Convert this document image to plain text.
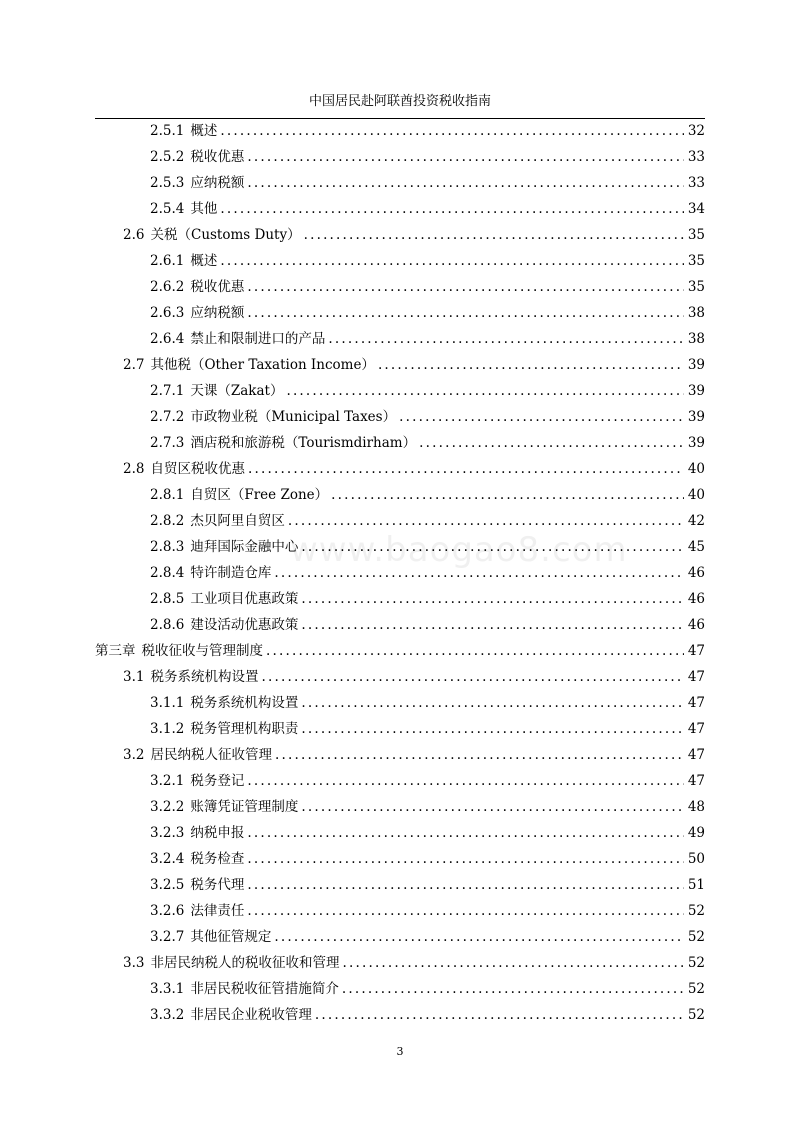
中国居民赴阿联酋投资税收指南
2.5.1 概述 .....	32
2.5.2 税收优惠 .....	33
2.5.3 应纳税额 .....	33
2.5.4 其他 .....	34
2.6 关税（Customs Duty） .....	35
2.6.1 概述 .....	35
2.6.2 税收优惠 .....	35
2.6.3 应纳税额 .....	38
2.6.4 禁止和限制进口的产品 .....	38
2.7 其他税（Other Taxation Income） .....	39
2.7.1 天课（Zakat） .....	39
2.7.2 市政物业税（Municipal Taxes） .....	39
2.7.3 酒店税和旅游税（Tourismdirham） .....	39
2.8 自贸区税收优惠 .....	40
2.8.1 自贸区（Free Zone） .....	40
2.8.2 杰贝阿里自贸区 .....	42
2.8.3 迪拜国际金融中心 .....	45
2.8.4 特许制造仓库 .....	46
2.8.5 工业项目优惠政策 .....	46
2.8.6 建设活动优惠政策 .....	46
第三章 税收征收与管理制度 .....	47
3.1 税务系统机构设置 .....	47
3.1.1 税务系统机构设置 .....	47
3.1.2 税务管理机构职责 .....	47
3.2 居民纳税人征收管理 .....	47
3.2.1 税务登记 .....	47
3.2.2 账簿凭证管理制度 .....	48
3.2.3 纳税申报 .....	49
3.2.4 税务检查 .....	50
3.2.5 税务代理 .....	51
3.2.6 法律责任 .....	52
3.2.7 其他征管规定 .....	52
3.3 非居民纳税人的税收征收和管理 .....	52
3.3.1 非居民税收征管措施简介 .....	52
3.3.2 非居民企业税收管理 .....	52
www.baogao8.com
3
